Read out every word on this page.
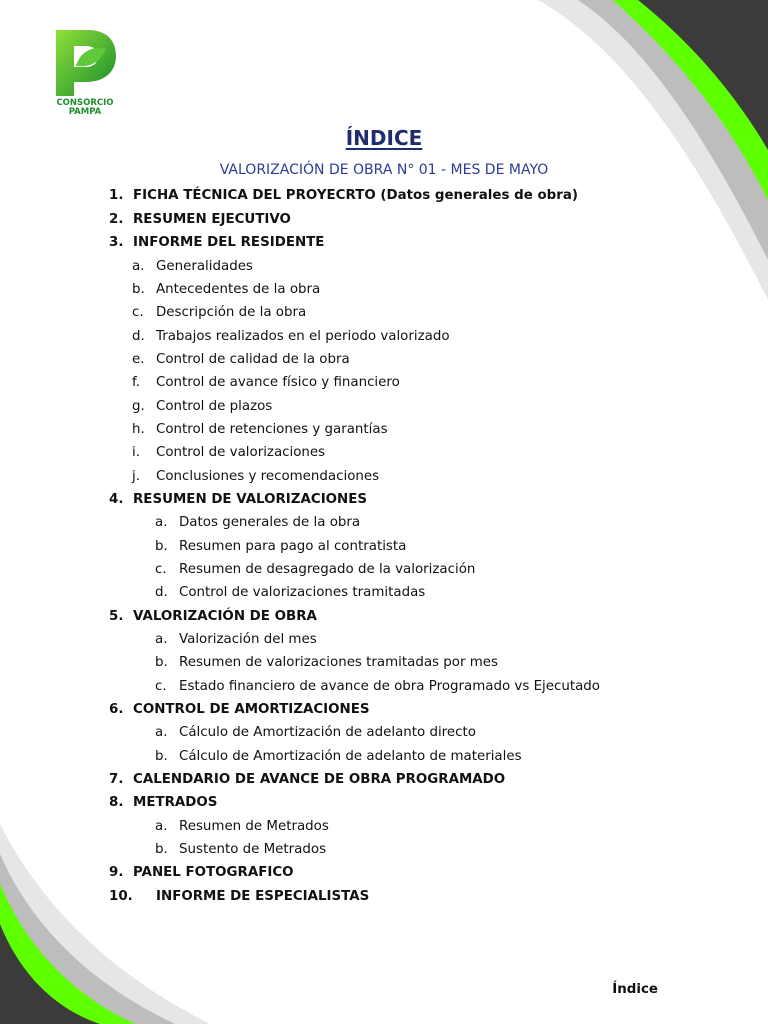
CONSORCIO
PAMPA
ÍNDICE
VALORIZACIÓN DE OBRA N° 01 - MES DE MAYO
1. FICHA TÉCNICA DEL PROYECRTO (Datos generales de obra)
2. RESUMEN EJECUTIVO
3. INFORME DEL RESIDENTE
a. Generalidades
b. Antecedentes de la obra
c. Descripción de la obra
d. Trabajos realizados en el periodo valorizado
e. Control de calidad de la obra
f. Control de avance físico y financiero
g. Control de plazos
h. Control de retenciones y garantías
i. Control de valorizaciones
j. Conclusiones y recomendaciones
4. RESUMEN DE VALORIZACIONES
a. Datos generales de la obra
b. Resumen para pago al contratista
c. Resumen de desagregado de la valorización
d. Control de valorizaciones tramitadas
5. VALORIZACIÓN DE OBRA
a. Valorización del mes
b. Resumen de valorizaciones tramitadas por mes
c. Estado financiero de avance de obra Programado vs Ejecutado
6. CONTROL DE AMORTIZACIONES
a. Cálculo de Amortización de adelanto directo
b. Cálculo de Amortización de adelanto de materiales
7. CALENDARIO DE AVANCE DE OBRA PROGRAMADO
8. METRADOS
a. Resumen de Metrados
b. Sustento de Metrados
9. PANEL FOTOGRAFICO
10. INFORME DE ESPECIALISTAS
Índice
